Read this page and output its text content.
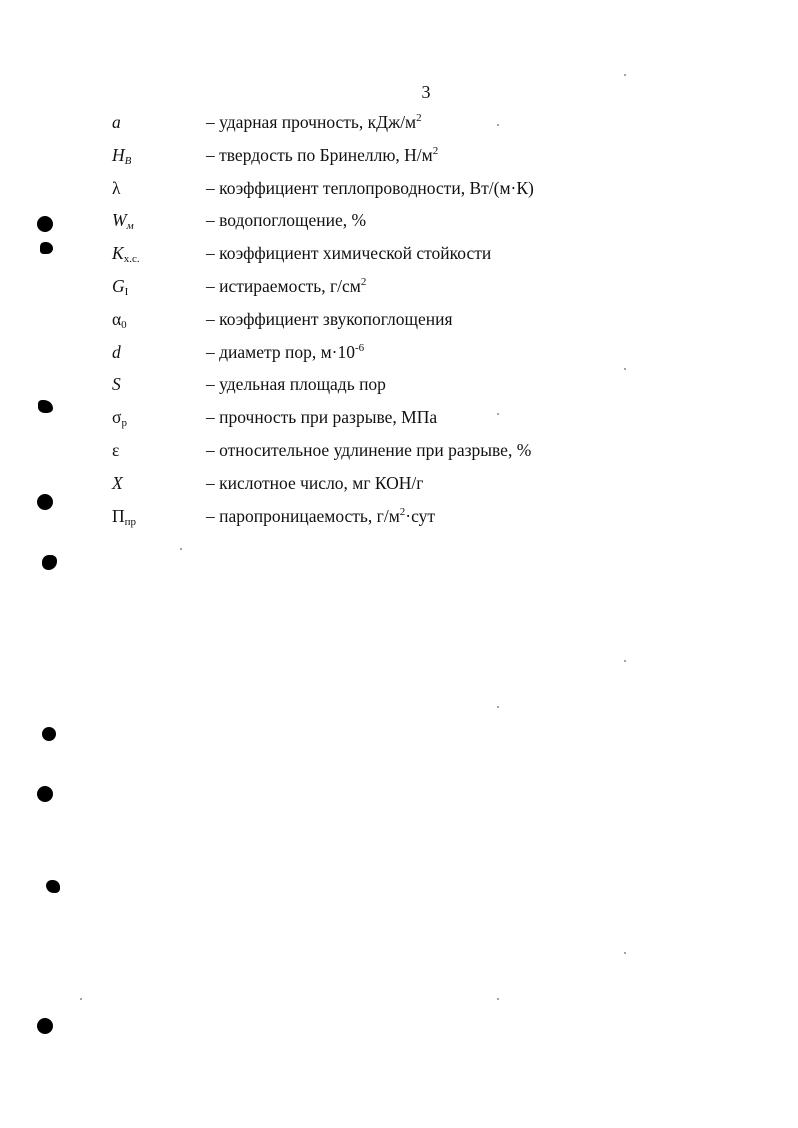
3
a	– ударная прочность, кДж/$м^2$
$H_B$	– твердость по Бринеллю, $Н/м^2$
λ	– коэффициент теплопроводности, Вт/(м·К)
$W_м$	– водопоглощение, %
$K_{х.с.}$	– коэффициент химической стойкости
$G_I$	– истираемость, $г/см^2$
$\alpha_0$	– коэффициент звукопоглощения
d	– диаметр пор, $м\cdot 10^{-6}$
S	– удельная площадь пор
$\sigma_р$	– прочность при разрыве, МПа
ε	– относительное удлинение при разрыве, %
X	– кислотное число, мг КОН/г
$П_{пр}$	– паропроницаемость, $г/м^2\cdot сут$
